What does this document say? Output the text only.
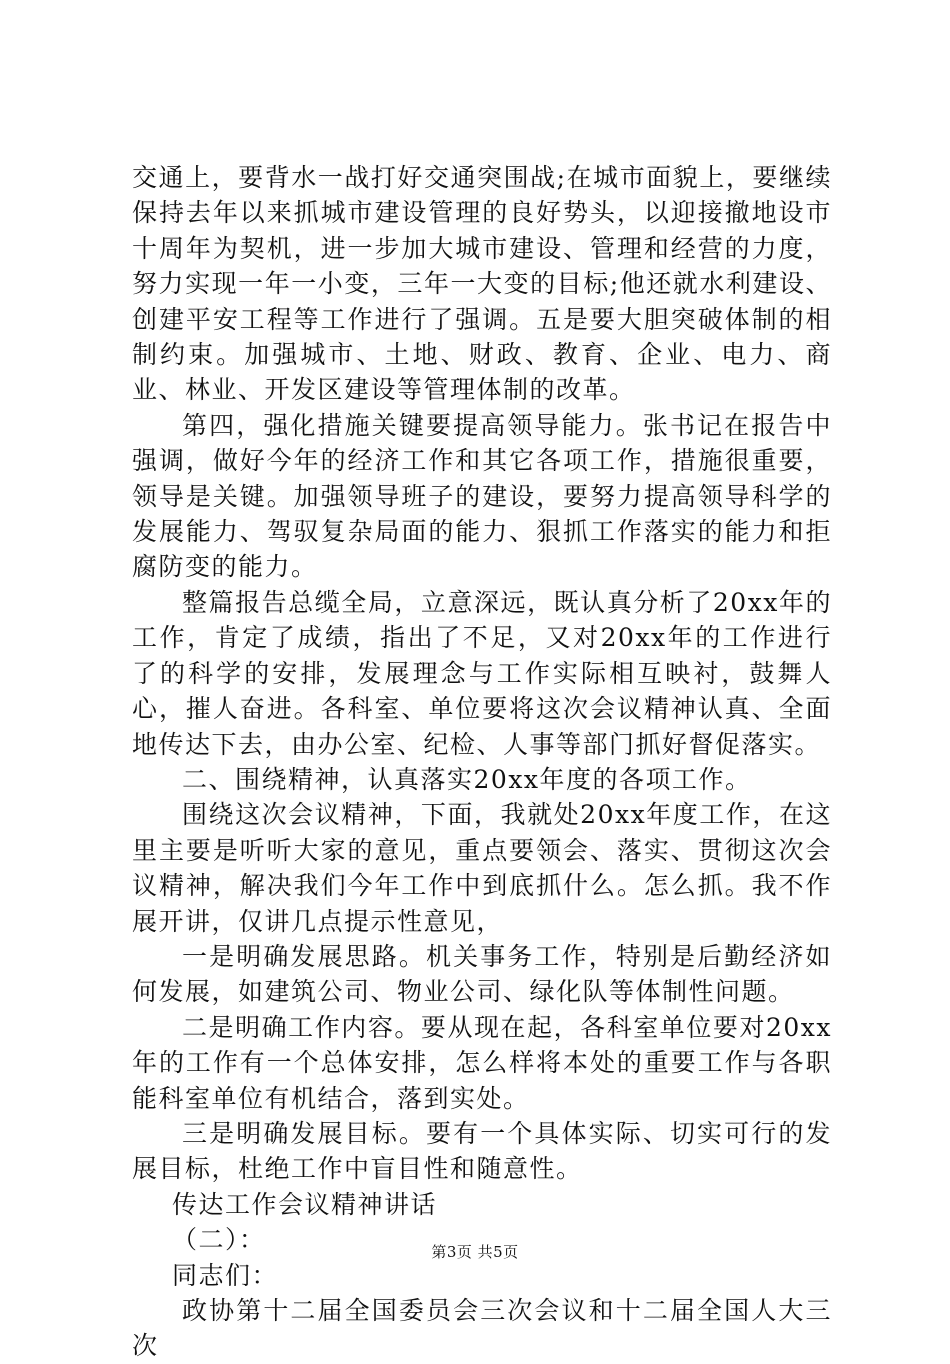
交通上，要背水一战打好交通突围战;在城市面貌上，要继续保持去年以来抓城市建设管理的良好势头，以迎接撤地设市十周年为契机，进一步加大城市建设、管理和经营的力度，努力实现一年一小变，三年一大变的目标;他还就水利建设、创建平安工程等工作进行了强调。五是要大胆突破体制的相制约束。加强城市、土地、财政、教育、企业、电力、商业、林业、开发区建设等管理体制的改革。

第四，强化措施关键要提高领导能力。张书记在报告中强调，做好今年的经济工作和其它各项工作，措施很重要，领导是关键。加强领导班子的建设，要努力提高领导科学的发展能力、驾驭复杂局面的能力、狠抓工作落实的能力和拒腐防变的能力。

整篇报告总缆全局，立意深远，既认真分析了20xx年的工作，肯定了成绩，指出了不足，又对20xx年的工作进行了的科学的安排，发展理念与工作实际相互映衬，鼓舞人心，摧人奋进。各科室、单位要将这次会议精神认真、全面地传达下去，由办公室、纪检、人事等部门抓好督促落实。

二、围绕精神，认真落实20xx年度的各项工作。

围绕这次会议精神，下面，我就处20xx年度工作，在这里主要是听听大家的意见，重点要领会、落实、贯彻这次会议精神，解决我们今年工作中到底抓什么。怎么抓。我不作展开讲，仅讲几点提示性意见，

一是明确发展思路。机关事务工作，特别是后勤经济如何发展，如建筑公司、物业公司、绿化队等体制性问题。

二是明确工作内容。要从现在起，各科室单位要对20xx年的工作有一个总体安排，怎么样将本处的重要工作与各职能科室单位有机结合，落到实处。

三是明确发展目标。要有一个具体实际、切实可行的发展目标，杜绝工作中盲目性和随意性。

传达工作会议精神讲话

（二）：

同志们：

政协第十二届全国委员会三次会议和十二届全国人大三次

第3页 共5页
